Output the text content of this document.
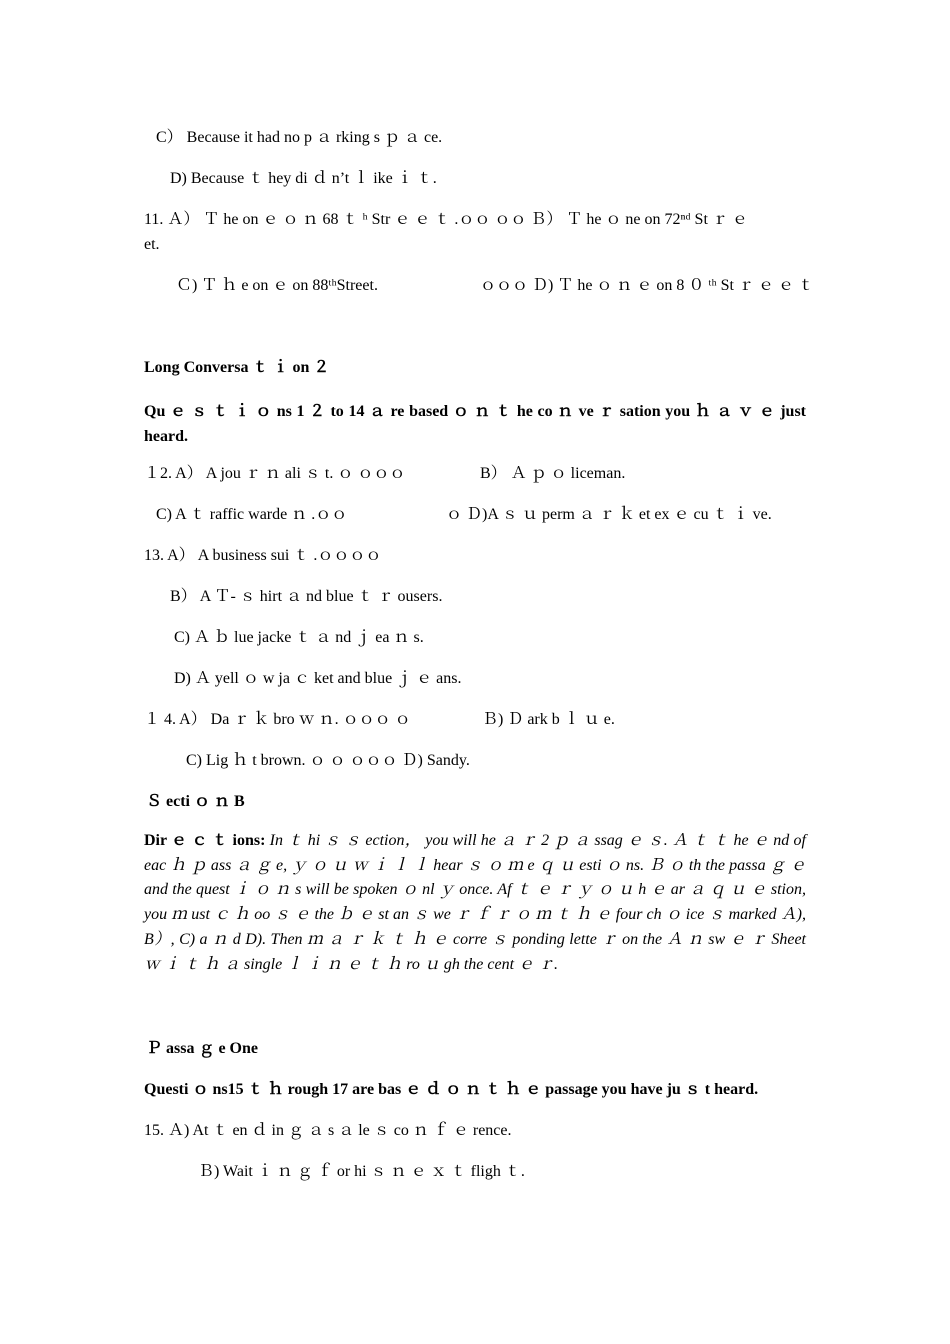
C） Because it had no p ａ rking s ｐ ａ ce.
D) Because ｔ hey di ｄ n’t ｌ ike ｉ ｔ.
11. Ａ） Ｔ he on ｅ ｏ ｎ 68 ｔ ʰ Str ｅ ｅ ｔ .ｏｏ ｏｏ Ｂ） Ｔ he ｏ ne on 72ⁿᵈ St ｒ ｅ
et.
Ｃ) Ｔ ｈ e on ｅ on 88ᵗʰStreet.	ｏｏｏ Ｄ) Ｔ he ｏ ｎ ｅ on 8 ０ ᵗʰ St ｒ ｅ ｅ ｔ
Long Conversa ｔ ｉ on ２
Qu ｅ ｓ ｔ ｉ ｏ ns 1 ２ to 14 ａ re based ｏ ｎ ｔ he co ｎ ve ｒ sation you ｈ ａ ｖ ｅ just heard.
１2. A） A jou ｒ ｎ ali ｓ t. ｏ ｏｏｏ	B） Ａ ｐ ｏ liceman.
C) A ｔ raffic warde ｎ .ｏｏ	ｏ Ｄ)A ｓ ｕ perm ａ ｒ ｋ et ex ｅ cu ｔ ｉ ve.
13. A） A business sui ｔ .ｏｏｏｏ
B） A Ｔ- ｓ hirt ａ nd blue ｔ ｒ ousers.
C) Ａ ｂ lue jacke ｔ ａ nd ｊ ea ｎ s.
D) Ａ yell ｏ w ja ｃ ket and blue ｊ ｅ ans.
１ 4. A） Da ｒ ｋ bro ｗ ｎ. ｏｏｏ ｏ	Ｂ) Ｄ ark b ｌ ｕ e.
C) Lig ｈ t brown. ｏ ｏ ｏｏｏ Ｄ) Sandy.
Ｓ ecti ｏ ｎ B
Dir ｅ ｃ ｔ ions: In ｔ hi ｓ ｓ ection， you will he ａ ｒ 2 ｐ ａ ssag ｅ ｓ. Ａ ｔ ｔ he ｅ nd of eac ｈ ｐ ass ａ ｇ e, ｙ ｏ ｕ ｗ ｉ ｌ ｌ hear ｓ ｏ ｍ e ｑ ｕ esti ｏ ns. Ｂ ｏ th the passa ｇ ｅ and the quest ｉ ｏ ｎ s will be spoken ｏ nl ｙ once. Af ｔ ｅ ｒ ｙ ｏ ｕ h ｅ ar ａ ｑ ｕ ｅ stion, you ｍ ust ｃ ｈ oo ｓ ｅ the ｂ ｅ st an ｓ we ｒ ｆ ｒ ｏ ｍ ｔ ｈ ｅ four ch ｏ ice ｓ marked Ａ), B）, C) a ｎ d D). Then ｍ ａ ｒ ｋ ｔ ｈ ｅ corre ｓ ponding lette ｒ on the Ａ ｎ sw ｅ ｒ Sheet ｗ ｉ ｔ ｈ ａ single ｌ ｉ ｎ ｅ ｔ ｈ ro ｕ gh the cent ｅ ｒ.
Ｐ assa ｇ e One
Questi ｏ ns15 ｔ ｈ rough 17 are bas ｅ ｄ ｏ ｎ ｔ ｈ ｅ passage you have ju ｓ t heard.
15. Ａ) At ｔ en ｄ in ｇ ａ s ａ le ｓ co ｎ ｆ ｅ rence.
Ｂ) Wait ｉ ｎ ｇ ｆ or hi ｓ ｎ ｅ ｘ ｔ fligh ｔ.
